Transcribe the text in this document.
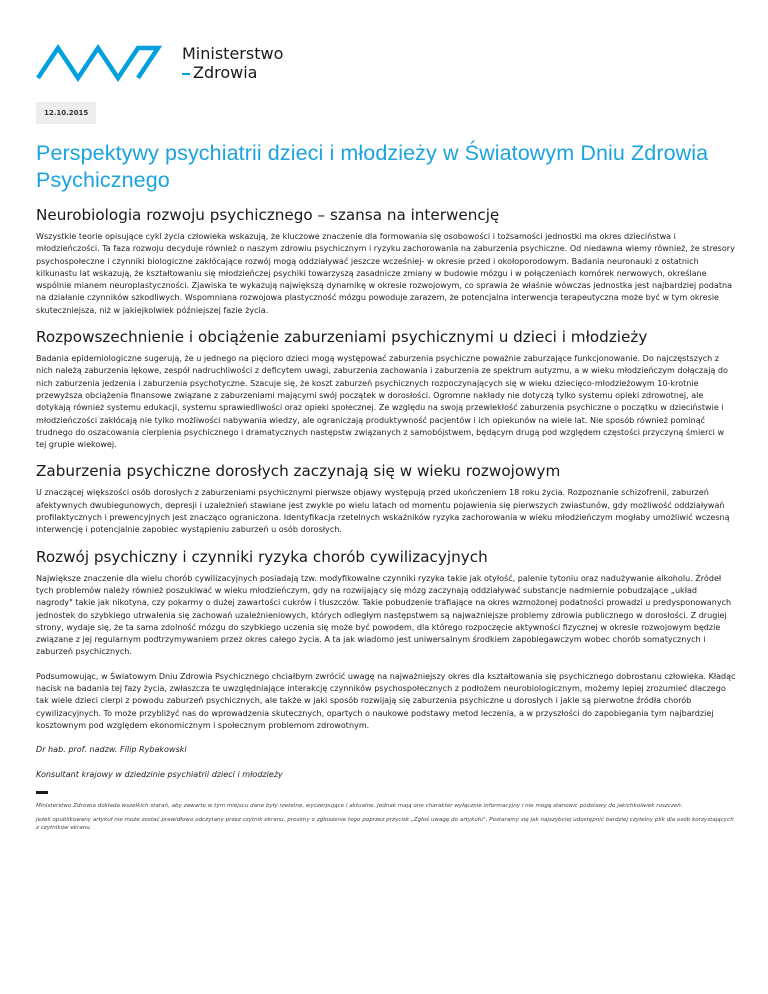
Ministerstwo
Zdrowia
12.10.2015
Perspektywy psychiatrii dzieci i młodzieży w Światowym Dniu Zdrowia Psychicznego
Neurobiologia rozwoju psychicznego – szansa na interwencję

Wszystkie teorie opisujące cykl życia człowieka wskazują, że kluczowe znaczenie dla formowania się osobowości i tożsamości jednostki ma okres dzieciństwa i młodzieńczości. Ta faza rozwoju decyduje również o naszym zdrowiu psychicznym i ryzyku zachorowania na zaburzenia psychiczne. Od niedawna wiemy również, że stresory psychospołeczne i czynniki biologiczne zakłócające rozwój mogą oddziaływać jeszcze wcześniej- w okresie przed i okołoporodowym. Badania neuronauki z ostatnich kilkunastu lat wskazują, że kształtowaniu się młodzieńczej psychiki towarzyszą zasadnicze zmiany w budowie mózgu i w połączeniach komórek nerwowych, określane wspólnie mianem neuroplastyczności. Zjawiska te wykazują największą dynamikę w okresie rozwojowym, co sprawia że właśnie wówczas jednostka jest najbardziej podatna na działanie czynników szkodliwych. Wspomniana rozwojowa plastyczność mózgu powoduje zarazem, że potencjalna interwencja terapeutyczna może być w tym okresie skuteczniejsza, niż w jakiejkolwiek późniejszej fazie życia.

Rozpowszechnienie i obciążenie zaburzeniami psychicznymi u dzieci i młodzieży

Badania epidemiologiczne sugerują, że u jednego na pięcioro dzieci mogą występować zaburzenia psychiczne poważnie zaburzające funkcjonowanie. Do najczęstszych z nich należą zaburzenia lękowe, zespół nadruchliwości z deficytem uwagi, zaburzenia zachowania i zaburzenia ze spektrum autyzmu, a w wieku młodzieńczym dołączają do nich zaburzenia jedzenia i zaburzenia psychotyczne. Szacuje się, że koszt zaburzeń psychicznych rozpoczynających się w wieku dziecięco-młodzieżowym 10-krotnie przewyższa obciążenia finansowe związane z zaburzeniami mającymi swój początek w dorosłości. Ogromne nakłady nie dotyczą tylko systemu opieki zdrowotnej, ale dotykają również systemu edukacji, systemu sprawiedliwości oraz opieki społecznej. Ze względu na swoją przewlekłość zaburzenia psychiczne o początku w dzieciństwie i młodzieńczości zakłócają nie tylko możliwości nabywania wiedzy, ale ograniczają produktywność pacjentów i ich opiekunów na wiele lat. Nie sposób również pominąć trudnego do oszacowania cierpienia psychicznego i dramatycznych następstw związanych z samobójstwem, będącym drugą pod względem częstości przyczyną śmierci w tej grupie wiekowej.

Zaburzenia psychiczne dorosłych zaczynają się w wieku rozwojowym

U znaczącej większości osób dorosłych z zaburzeniami psychicznymi pierwsze objawy występują przed ukończeniem 18 roku życia. Rozpoznanie schizofrenii, zaburzeń afektywnych dwubiegunowych, depresji i uzależnień stawiane jest zwykle po wielu latach od momentu pojawienia się pierwszych zwiastunów, gdy możliwość oddziaływań profilaktycznych i prewencyjnych jest znacząco ograniczona. Identyfikacja rzetelnych wskaźników ryzyka zachorowania w wieku młodzieńczym mogłaby umożliwić wczesną interwencję i potencjalnie zapobiec wystąpieniu zaburzeń u osób dorosłych.

Rozwój psychiczny i czynniki ryzyka chorób cywilizacyjnych

Największe znaczenie dla wielu chorób cywilizacyjnych posiadają tzw. modyfikowalne czynniki ryzyka takie jak otyłość, palenie tytoniu oraz nadużywanie alkoholu. Źródeł tych problemów należy również poszukiwać w wieku młodzieńczym, gdy na rozwijający się mózg zaczynają oddziaływać substancje nadmiernie pobudzające „układ nagrody" takie jak nikotyna, czy pokarmy o dużej zawartości cukrów i tłuszczów. Takie pobudzenie trafiające na okres wzmożonej podatności prowadzi u predysponowanych jednostek do szybkiego utrwalenia się zachowań uzależnieniowych, których odległym następstwem są najważniejsze problemy zdrowia publicznego w dorosłości. Z drugiej strony, wydaje się, że ta sama zdolność mózgu do szybkiego uczenia się może być powodem, dla którego rozpoczęcie aktywności fizycznej w okresie rozwojowym będzie związane z jej regularnym podtrzymywaniem przez okres całego życia. A ta jak wiadomo jest uniwersalnym środkiem zapobiegawczym wobec chorób somatycznych i zaburzeń psychicznych.

Podsumowując, w Światowym Dniu Zdrowia Psychicznego chciałbym zwrócić uwagę na najważniejszy okres dla kształtowania się psychicznego dobrostanu człowieka. Kładąc nacisk na badania tej fazy życia, zwłaszcza te uwzględniające interakcję czynników psychospołecznych z podłożem neurobiologicznym, możemy lepiej zrozumieć dlaczego tak wiele dzieci cierpi z powodu zaburzeń psychicznych, ale także w jaki sposób rozwijają się zaburzenia psychiczne u dorosłych i jakie są pierwotne źródła chorób cywilizacyjnych. To może przybliżyć nas do wprowadzenia skutecznych, opartych o naukowe podstawy metod leczenia, a w przyszłości do zapobiegania tym najbardziej kosztownym pod względem ekonomicznym i społecznym problemom zdrowotnym.

Dr hab. prof. nadzw. Filip Rybakowski

Konsultant krajowy w dziedzinie psychiatrii dzieci i młodzieży

Ministerstwo Zdrowia dokłada wszelkich starań, aby zawarte w tym miejscu dane były rzetelne, wyczerpujące i aktualne. Jednak mają one charakter wyłącznie informacyjny i nie mogą stanowić podstawy do jakichkolwiek roszczeń.

Jeżeli opublikowany artykuł nie może zostać prawidłowo odczytany przez czytnik ekranu, prosimy o zgłoszenie tego poprzez przycisk „Zgłoś uwagę do artykułu". Postaramy się jak najszybciej udostępnić bardziej czytelny plik dla osób korzystających z czytników ekranu.
